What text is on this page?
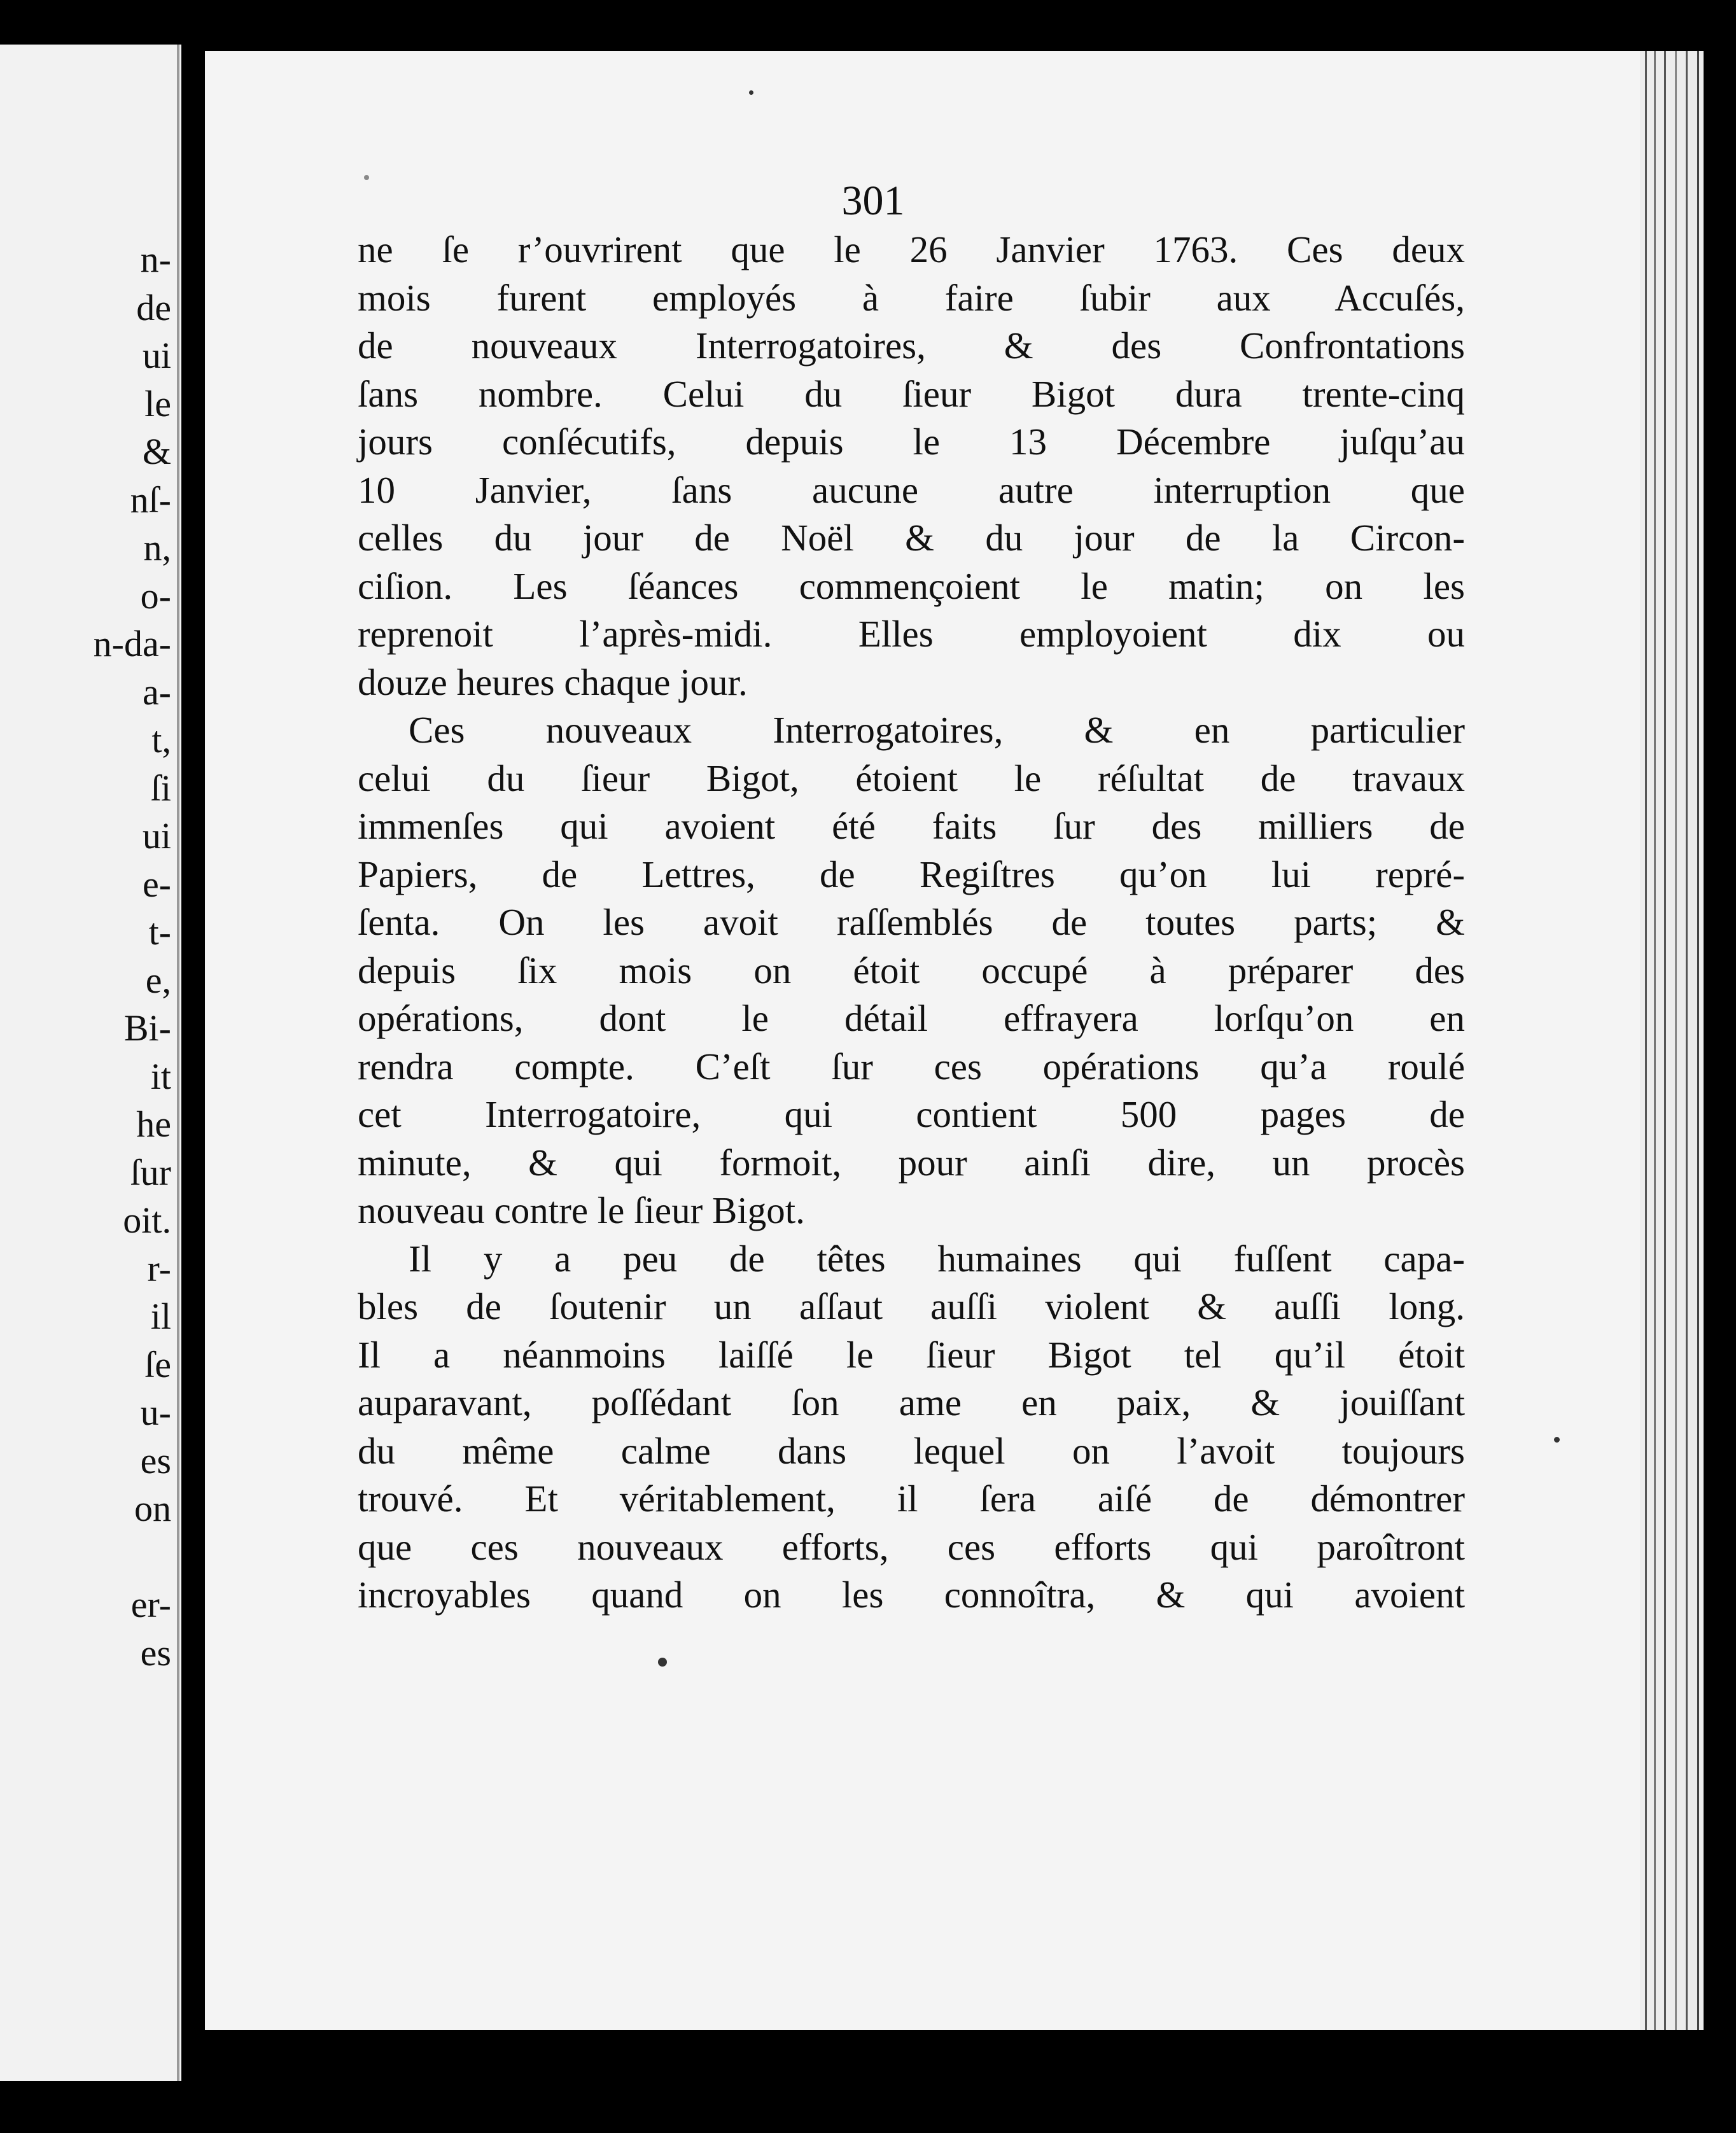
n-
de
ui
le
&
nſ-
n,
o-
n-da-
a-
t,
ſi
ui
e-
t-
e,
Bi-
it
he
ſur
oit.
r-
il
ſe
u-
es
on
er-
es
301
ne ſe r’ouvrirent que le 26 Janvier 1763. Ces deux
mois furent employés à faire ſubir aux Accuſés,
de nouveaux Interrogatoires, & des Confrontations
ſans nombre. Celui du ſieur Bigot dura trente-cinq
jours conſécutifs, depuis le 13 Décembre juſqu’au
10 Janvier, ſans aucune autre interruption que
celles du jour de Noël & du jour de la Circon-
ciſion. Les ſéances commençoient le matin; on les
reprenoit l’après-midi. Elles employoient dix ou
douze heures chaque jour.
Ces nouveaux Interrogatoires, & en particulier
celui du ſieur Bigot, étoient le réſultat de travaux
immenſes qui avoient été faits ſur des milliers de
Papiers, de Lettres, de Regiſtres qu’on lui repré-
ſenta. On les avoit raſſemblés de toutes parts; &
depuis ſix mois on étoit occupé à préparer des
opérations, dont le détail effrayera lorſqu’on en
rendra compte. C’eſt ſur ces opérations qu’a roulé
cet Interrogatoire, qui contient 500 pages de
minute, & qui formoit, pour ainſi dire, un procès
nouveau contre le ſieur Bigot.
Il y a peu de têtes humaines qui fuſſent capa-
bles de ſoutenir un aſſaut auſſi violent & auſſi long.
Il a néanmoins laiſſé le ſieur Bigot tel qu’il étoit
auparavant, poſſédant ſon ame en paix, & jouiſſant
du même calme dans lequel on l’avoit toujours
trouvé. Et véritablement, il ſera aiſé de démontrer
que ces nouveaux efforts, ces efforts qui paroîtront
incroyables quand on les connoîtra, & qui avoient
